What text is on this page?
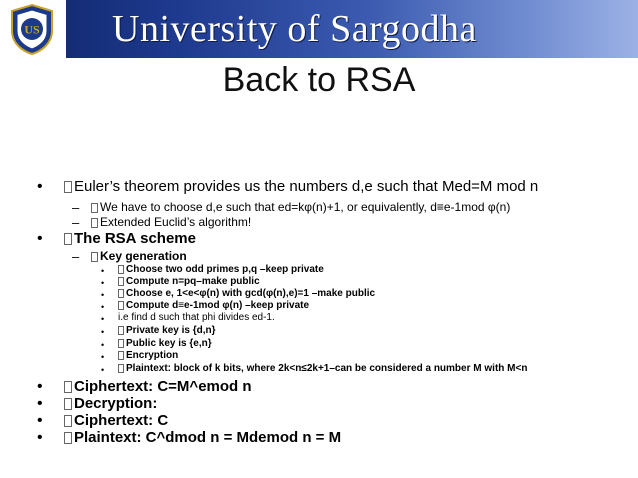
US University of Sargodha
Back to RSA
•	Euler’s theorem provides us the numbers d,e such that Med=M mod n
–	We have to choose d,e such that ed=kφ(n)+1, or equivalently, d≡e-1mod φ(n)
–	Extended Euclid’s algorithm!
•	The RSA scheme
–	Key generation
•	Choose two odd primes p,q –keep private
•	Compute n=pq–make public
•	Choose e, 1<e<φ(n) with gcd(φ(n),e)=1 –make public
•	Compute d≡e-1mod φ(n) –keep private
• i.e find d such that phi divides ed-1.
•	Private key is {d,n}
•	Public key is {e,n}
•	Encryption
•	Plaintext: block of k bits, where 2k<n≤2k+1–can be considered a number M with M<n
•	Ciphertext: C=M^emod n
•	Decryption:
•	Ciphertext: C
•	Plaintext: C^dmod n = Mdemod n = M
